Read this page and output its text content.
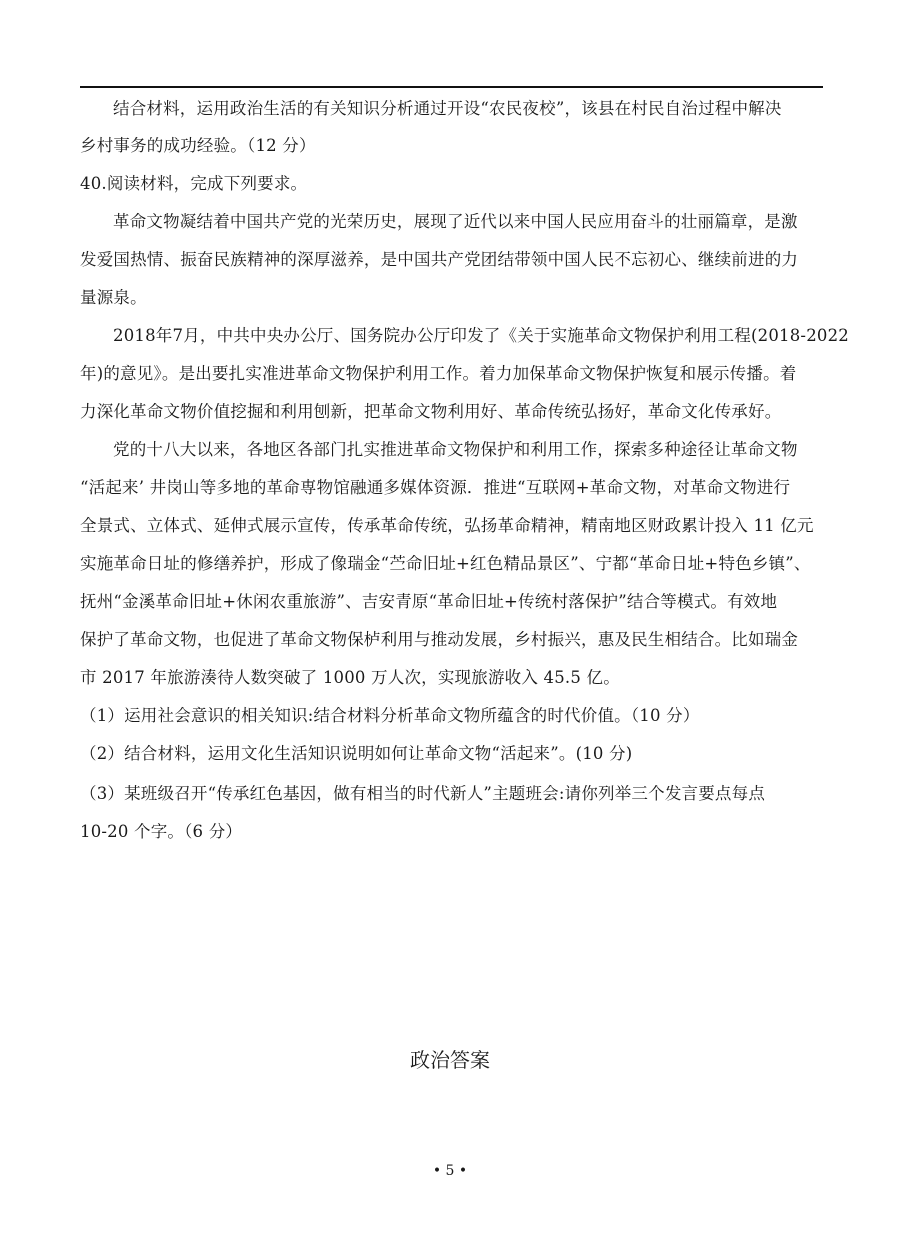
结合材料，运用政治生活的有关知识分析通过开设“农民夜校”，该县在村民自治过程中解决
乡村事务的成功经验。（12 分）
40.阅读材料，完成下列要求。
革命文物凝结着中国共产党的光荣历史，展现了近代以来中国人民应用奋斗的壮丽篇章，是激
发爱国热情、振奋民族精神的深厚滋养，是中国共产党团结带领中国人民不忘初心、继续前进的力
量源泉。
2018年7月，中共中央办公厅、国务院办公厅印发了《关于实施革命文物保护利用工程(2018-2022
年)的意见》。是出要扎实准进革命文物保护利用工作。着力加保革命文物保护恢复和展示传播。着
力深化革命文物价值挖掘和利用刨新，把革命文物利用好、革命传统弘扬好，革命文化传承好。
党的十八大以来，各地区各部门扎实推进革命文物保护和利用工作，探索多种途径让革命文物
“活起来’ 井岗山等多地的革命専物馆融通多媒体资源．推进“互联网+革命文物，对革命文物进行
全景式、立体式、延伸式展示宣传，传承革命传统，弘扬革命精神，精南地区财政累计投入 11 亿元
实施革命日址的修缮养护，形成了像瑞金“苎命旧址+红色精品景区”、宁都“革命日址+特色乡镇”、
抚州“金溪革命旧址+休闲农重旅游”、吉安青原“革命旧址+传统村落保护”结合等模式。有效地
保护了革命文物，也促进了革命文物保栌利用与推动发展，乡村振兴，惠及民生相结合。比如瑞金
市 2017 年旅游湊待人数突破了 1000 万人次，实现旅游收入 45.5 亿。
（1）运用社会意识的相关知识:结合材料分析革命文物所蕴含的时代价值。（10 分）
（2）结合材料，运用文化生活知识说明如何让革命文物“活起来”。(10 分)
（3）某班级召开“传承红色基因，做有相当的时代新人”主题班会:请你列举三个发言要点每点
10-20 个字。（6 分）
政治答案
• 5 •
